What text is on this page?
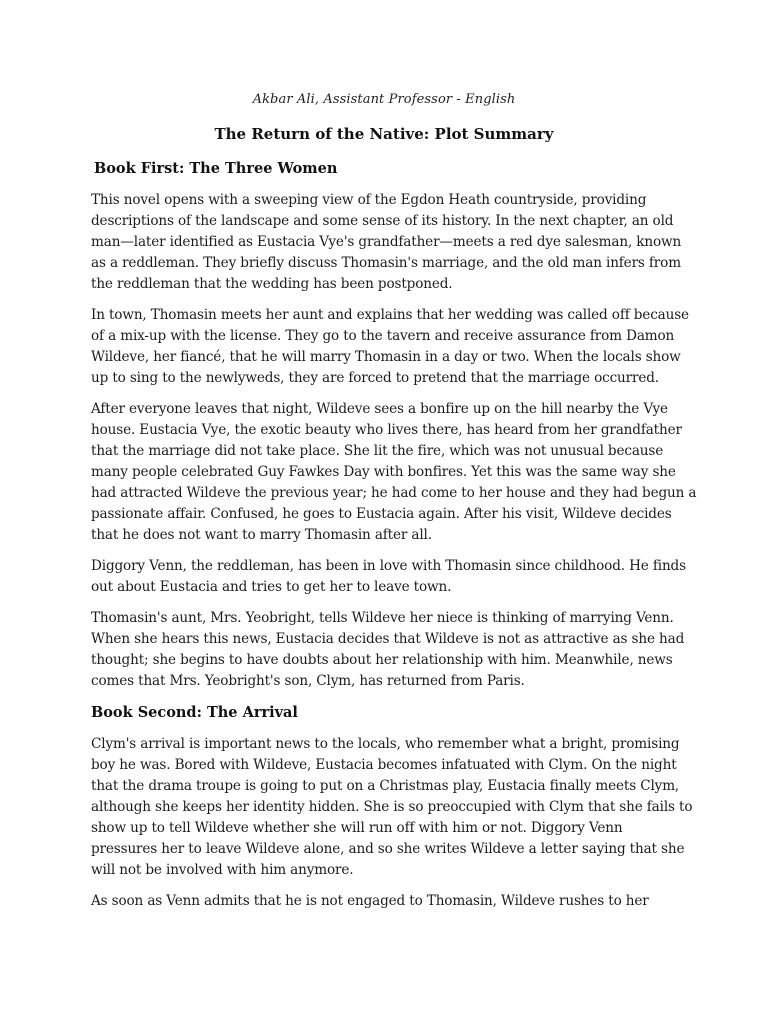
Akbar Ali, Assistant Professor - English
The Return of the Native: Plot Summary
Book First: The Three Women
This novel opens with a sweeping view of the Egdon Heath countryside, providing
descriptions of the landscape and some sense of its history. In the next chapter, an old
man—later identified as Eustacia Vye's grandfather—meets a red dye salesman, known
as a reddleman. They briefly discuss Thomasin's marriage, and the old man infers from
the reddleman that the wedding has been postponed.
In town, Thomasin meets her aunt and explains that her wedding was called off because
of a mix-up with the license. They go to the tavern and receive assurance from Damon
Wildeve, her fiancé, that he will marry Thomasin in a day or two. When the locals show
up to sing to the newlyweds, they are forced to pretend that the marriage occurred.
After everyone leaves that night, Wildeve sees a bonfire up on the hill nearby the Vye
house. Eustacia Vye, the exotic beauty who lives there, has heard from her grandfather
that the marriage did not take place. She lit the fire, which was not unusual because
many people celebrated Guy Fawkes Day with bonfires. Yet this was the same way she
had attracted Wildeve the previous year; he had come to her house and they had begun a
passionate affair. Confused, he goes to Eustacia again. After his visit, Wildeve decides
that he does not want to marry Thomasin after all.
Diggory Venn, the reddleman, has been in love with Thomasin since childhood. He finds
out about Eustacia and tries to get her to leave town.
Thomasin's aunt, Mrs. Yeobright, tells Wildeve her niece is thinking of marrying Venn.
When she hears this news, Eustacia decides that Wildeve is not as attractive as she had
thought; she begins to have doubts about her relationship with him. Meanwhile, news
comes that Mrs. Yeobright's son, Clym, has returned from Paris.
Book Second: The Arrival
Clym's arrival is important news to the locals, who remember what a bright, promising
boy he was. Bored with Wildeve, Eustacia becomes infatuated with Clym. On the night
that the drama troupe is going to put on a Christmas play, Eustacia finally meets Clym,
although she keeps her identity hidden. She is so preoccupied with Clym that she fails to
show up to tell Wildeve whether she will run off with him or not. Diggory Venn
pressures her to leave Wildeve alone, and so she writes Wildeve a letter saying that she
will not be involved with him anymore.
As soon as Venn admits that he is not engaged to Thomasin, Wildeve rushes to her
